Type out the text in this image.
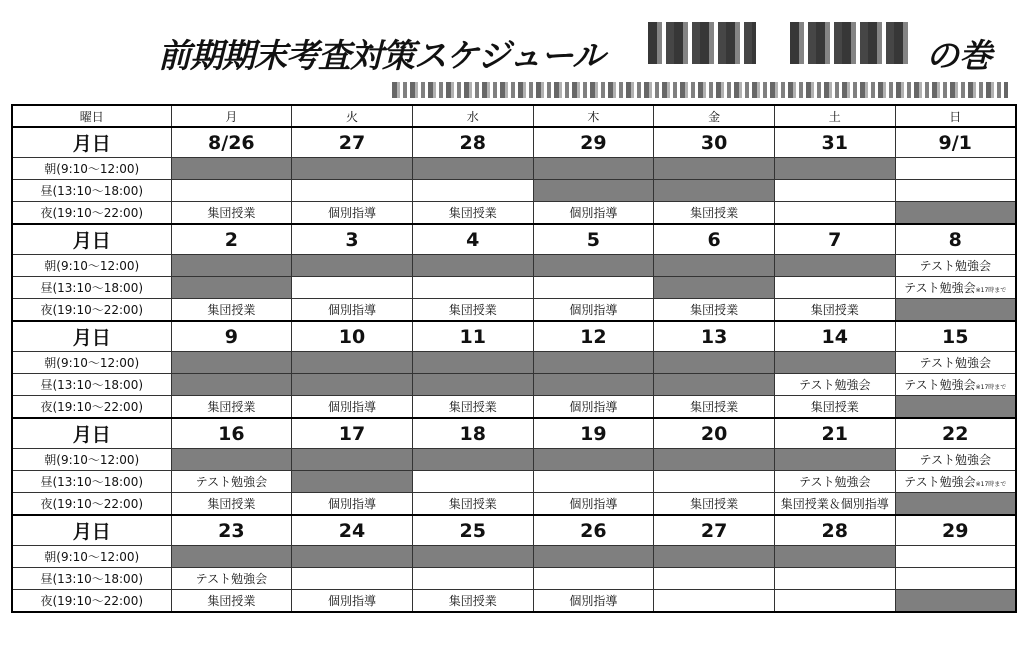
前期期末考査対策スケジュール	の巻
曜日	月	火	水	木	金	土	日
月日	8/26	27	28	29	30	31	9/1
朝(9:10～12:00)							
昼(13:10～18:00)							
夜(19:10～22:00)	集団授業	個別指導	集団授業	個別指導	集団授業		
月日	2	3	4	5	6	7	8
朝(9:10～12:00)							テスト勉強会
昼(13:10～18:00)							テスト勉強会※17時まで
夜(19:10～22:00)	集団授業	個別指導	集団授業	個別指導	集団授業	集団授業	
月日	9	10	11	12	13	14	15
朝(9:10～12:00)							テスト勉強会
昼(13:10～18:00)						テスト勉強会	テスト勉強会※17時まで
夜(19:10～22:00)	集団授業	個別指導	集団授業	個別指導	集団授業	集団授業	
月日	16	17	18	19	20	21	22
朝(9:10～12:00)							テスト勉強会
昼(13:10～18:00)	テスト勉強会					テスト勉強会	テスト勉強会※17時まで
夜(19:10～22:00)	集団授業	個別指導	集団授業	個別指導	集団授業	集団授業＆個別指導	
月日	23	24	25	26	27	28	29
朝(9:10～12:00)							
昼(13:10～18:00)	テスト勉強会						
夜(19:10～22:00)	集団授業	個別指導	集団授業	個別指導			
